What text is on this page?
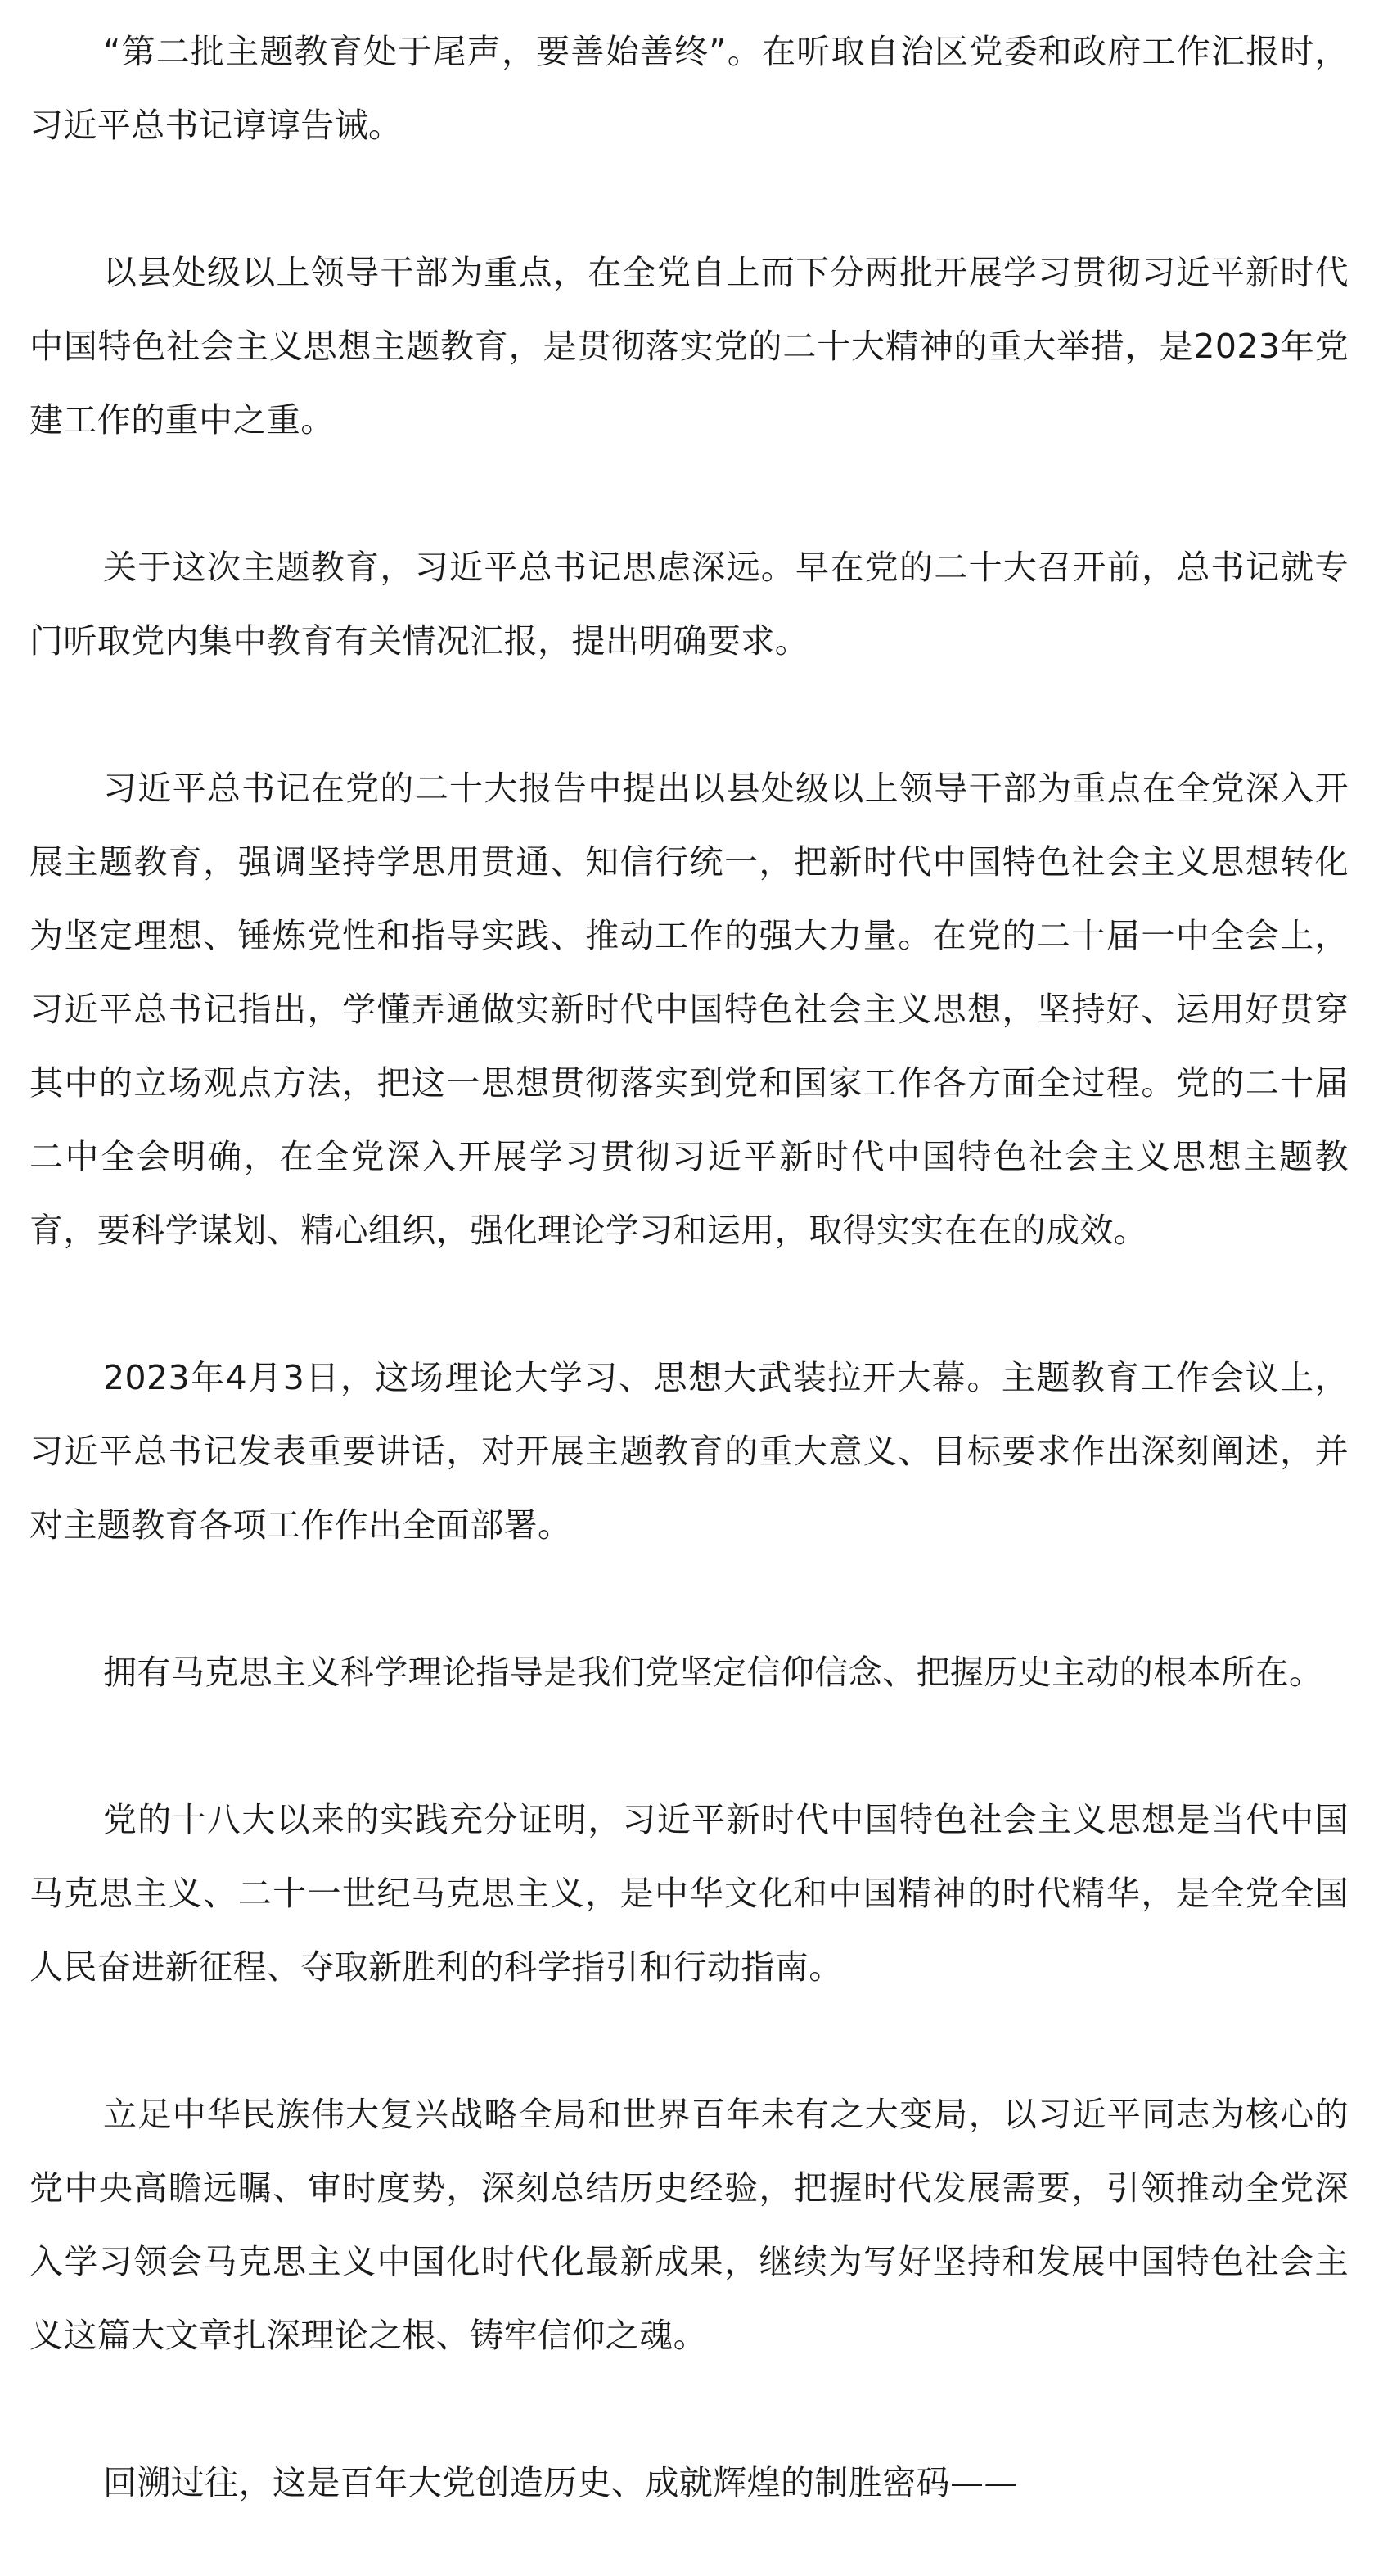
“第二批主题教育处于尾声，要善始善终”。在听取自治区党委和政府工作汇报时，习近平总书记谆谆告诫。

以县处级以上领导干部为重点，在全党自上而下分两批开展学习贯彻习近平新时代中国特色社会主义思想主题教育，是贯彻落实党的二十大精神的重大举措，是2023年党建工作的重中之重。

关于这次主题教育，习近平总书记思虑深远。早在党的二十大召开前，总书记就专门听取党内集中教育有关情况汇报，提出明确要求。

习近平总书记在党的二十大报告中提出以县处级以上领导干部为重点在全党深入开展主题教育，强调坚持学思用贯通、知信行统一，把新时代中国特色社会主义思想转化为坚定理想、锤炼党性和指导实践、推动工作的强大力量。在党的二十届一中全会上，习近平总书记指出，学懂弄通做实新时代中国特色社会主义思想，坚持好、运用好贯穿其中的立场观点方法，把这一思想贯彻落实到党和国家工作各方面全过程。党的二十届二中全会明确，在全党深入开展学习贯彻习近平新时代中国特色社会主义思想主题教育，要科学谋划、精心组织，强化理论学习和运用，取得实实在在的成效。

2023年4月3日，这场理论大学习、思想大武装拉开大幕。主题教育工作会议上，习近平总书记发表重要讲话，对开展主题教育的重大意义、目标要求作出深刻阐述，并对主题教育各项工作作出全面部署。

拥有马克思主义科学理论指导是我们党坚定信仰信念、把握历史主动的根本所在。

党的十八大以来的实践充分证明，习近平新时代中国特色社会主义思想是当代中国马克思主义、二十一世纪马克思主义，是中华文化和中国精神的时代精华，是全党全国人民奋进新征程、夺取新胜利的科学指引和行动指南。

立足中华民族伟大复兴战略全局和世界百年未有之大变局，以习近平同志为核心的党中央高瞻远瞩、审时度势，深刻总结历史经验，把握时代发展需要，引领推动全党深入学习领会马克思主义中国化时代化最新成果，继续为写好坚持和发展中国特色社会主义这篇大文章扎深理论之根、铸牢信仰之魂。

回溯过往，这是百年大党创造历史、成就辉煌的制胜密码——
